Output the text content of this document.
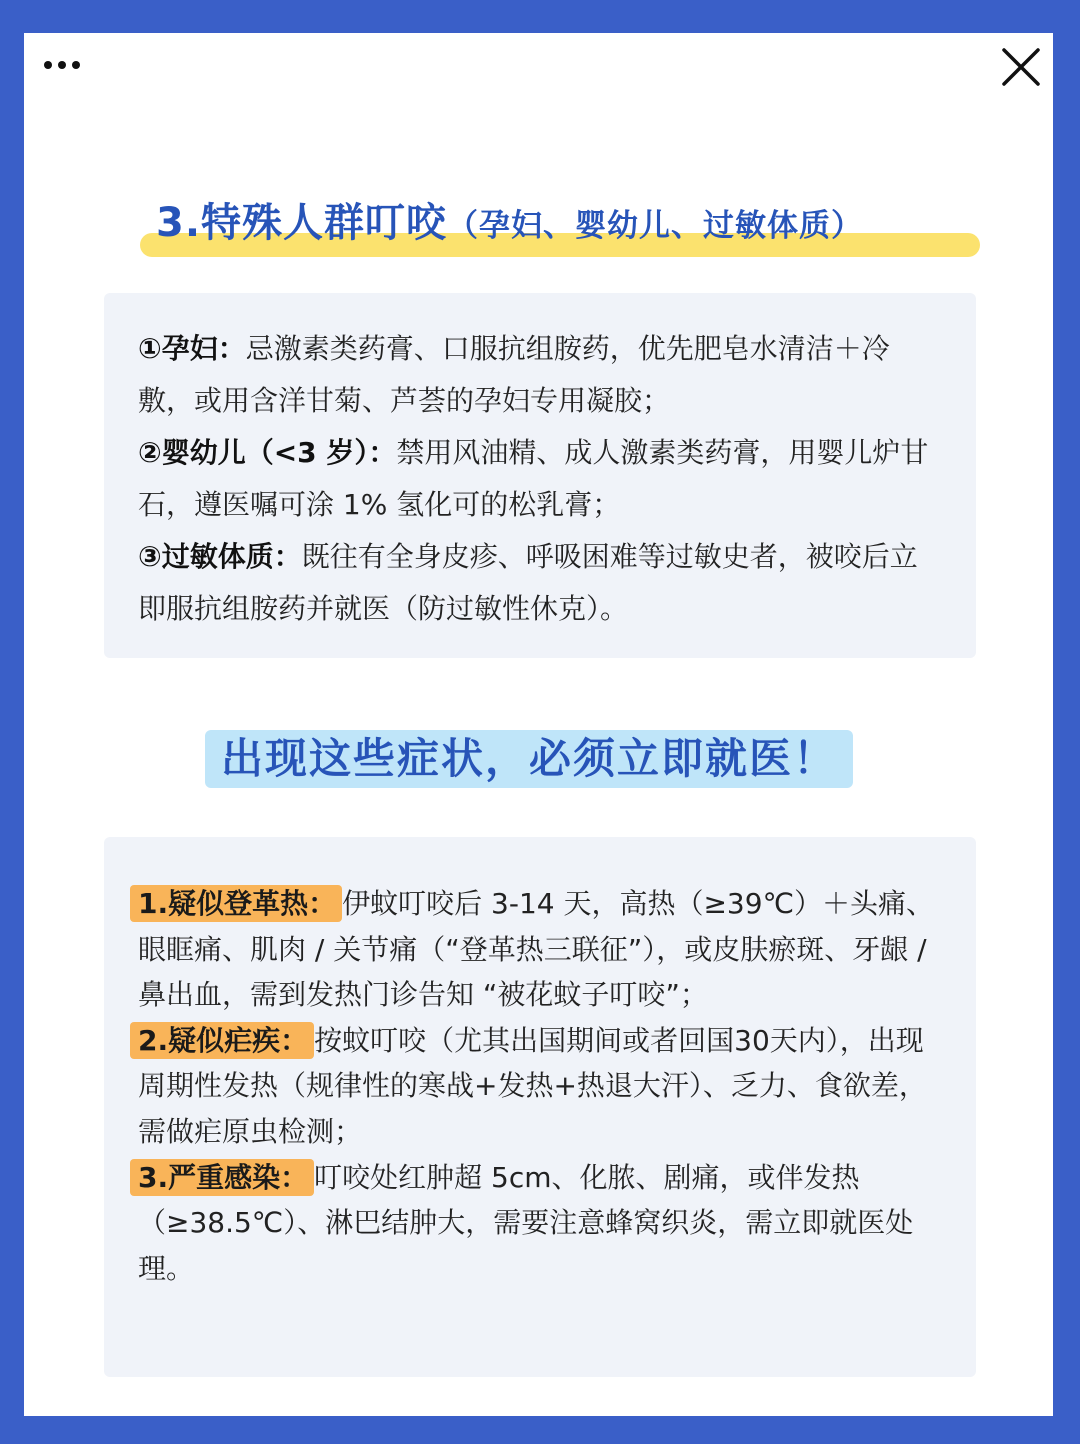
3.特殊人群叮咬（孕妇、婴幼儿、过敏体质）

①孕妇：忌激素类药膏、口服抗组胺药，优先肥皂水清洁＋冷敷，或用含洋甘菊、芦荟的孕妇专用凝胶；

②婴幼儿（<3 岁）：禁用风油精、成人激素类药膏，用婴儿炉甘石，遵医嘱可涂 1% 氢化可的松乳膏；

③过敏体质：既往有全身皮疹、呼吸困难等过敏史者，被咬后立即服抗组胺药并就医（防过敏性休克）。

出现这些症状，必须立即就医！

1.疑似登革热： 伊蚊叮咬后 3-14 天，高热（≥39℃）＋头痛、眼眶痛、肌肉 / 关节痛（“登革热三联征”），或皮肤瘀斑、牙龈 / 鼻出血，需到发热门诊告知 “被花蚊子叮咬”；

2.疑似疟疾： 按蚊叮咬（尤其出国期间或者回国30天内），出现周期性发热（规律性的寒战+发热+热退大汗）、乏力、食欲差，需做疟原虫检测；

3.严重感染： 叮咬处红肿超 5cm、化脓、剧痛，或伴发热（≥38.5℃）、淋巴结肿大，需要注意蜂窝织炎，需立即就医处理。
